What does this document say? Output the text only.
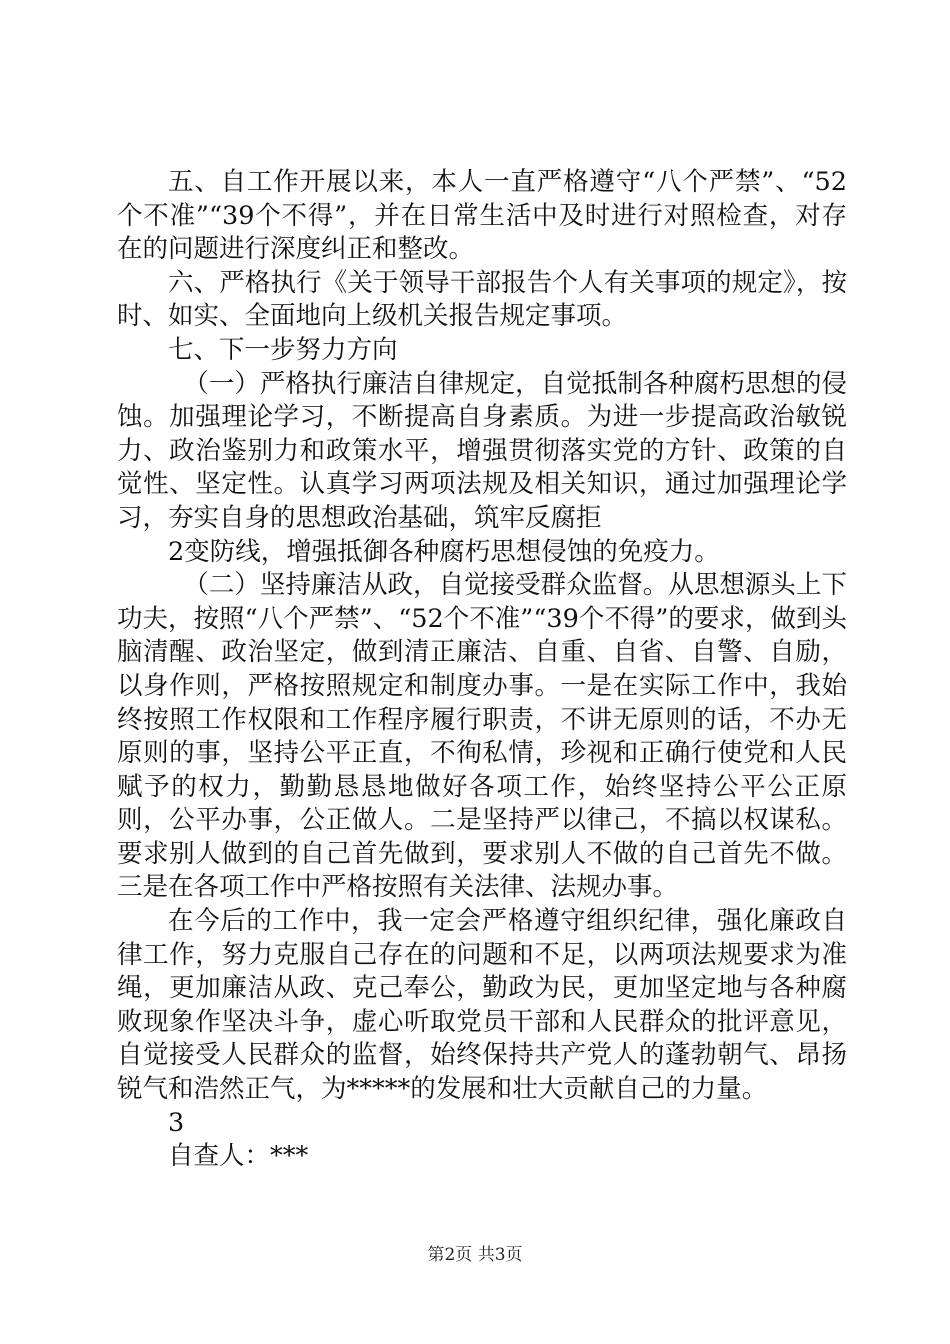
五、自工作开展以来，本人一直严格遵守“八个严禁”、“52个不准”“39个不得”，并在日常生活中及时进行对照检查，对存在的问题进行深度纠正和整改。

六、严格执行《关于领导干部报告个人有关事项的规定》，按时、如实、全面地向上级机关报告规定事项。

七、下一步努力方向

（一）严格执行廉洁自律规定，自觉抵制各种腐朽思想的侵蚀。加强理论学习，不断提高自身素质。为进一步提高政治敏锐力、政治鉴别力和政策水平，增强贯彻落实党的方针、政策的自觉性、坚定性。认真学习两项法规及相关知识，通过加强理论学习，夯实自身的思想政治基础，筑牢反腐拒

2变防线，增强抵御各种腐朽思想侵蚀的免疫力。

（二）坚持廉洁从政，自觉接受群众监督。从思想源头上下功夫，按照“八个严禁”、“52个不准”“39个不得”的要求，做到头脑清醒、政治坚定，做到清正廉洁、自重、自省、自警、自励，以身作则，严格按照规定和制度办事。一是在实际工作中，我始终按照工作权限和工作程序履行职责，不讲无原则的话，不办无原则的事，坚持公平正直，不徇私情，珍视和正确行使党和人民赋予的权力，勤勤恳恳地做好各项工作，始终坚持公平公正原则，公平办事，公正做人。二是坚持严以律己，不搞以权谋私。要求别人做到的自己首先做到，要求别人不做的自己首先不做。三是在各项工作中严格按照有关法律、法规办事。

在今后的工作中，我一定会严格遵守组织纪律，强化廉政自律工作，努力克服自己存在的问题和不足，以两项法规要求为准绳，更加廉洁从政、克己奉公，勤政为民，更加坚定地与各种腐败现象作坚决斗争，虚心听取党员干部和人民群众的批评意见，自觉接受人民群众的监督，始终保持共产党人的蓬勃朝气、昂扬锐气和浩然正气，为*****的发展和壮大贡献自己的力量。

3

自查人：***

第2页 共3页
